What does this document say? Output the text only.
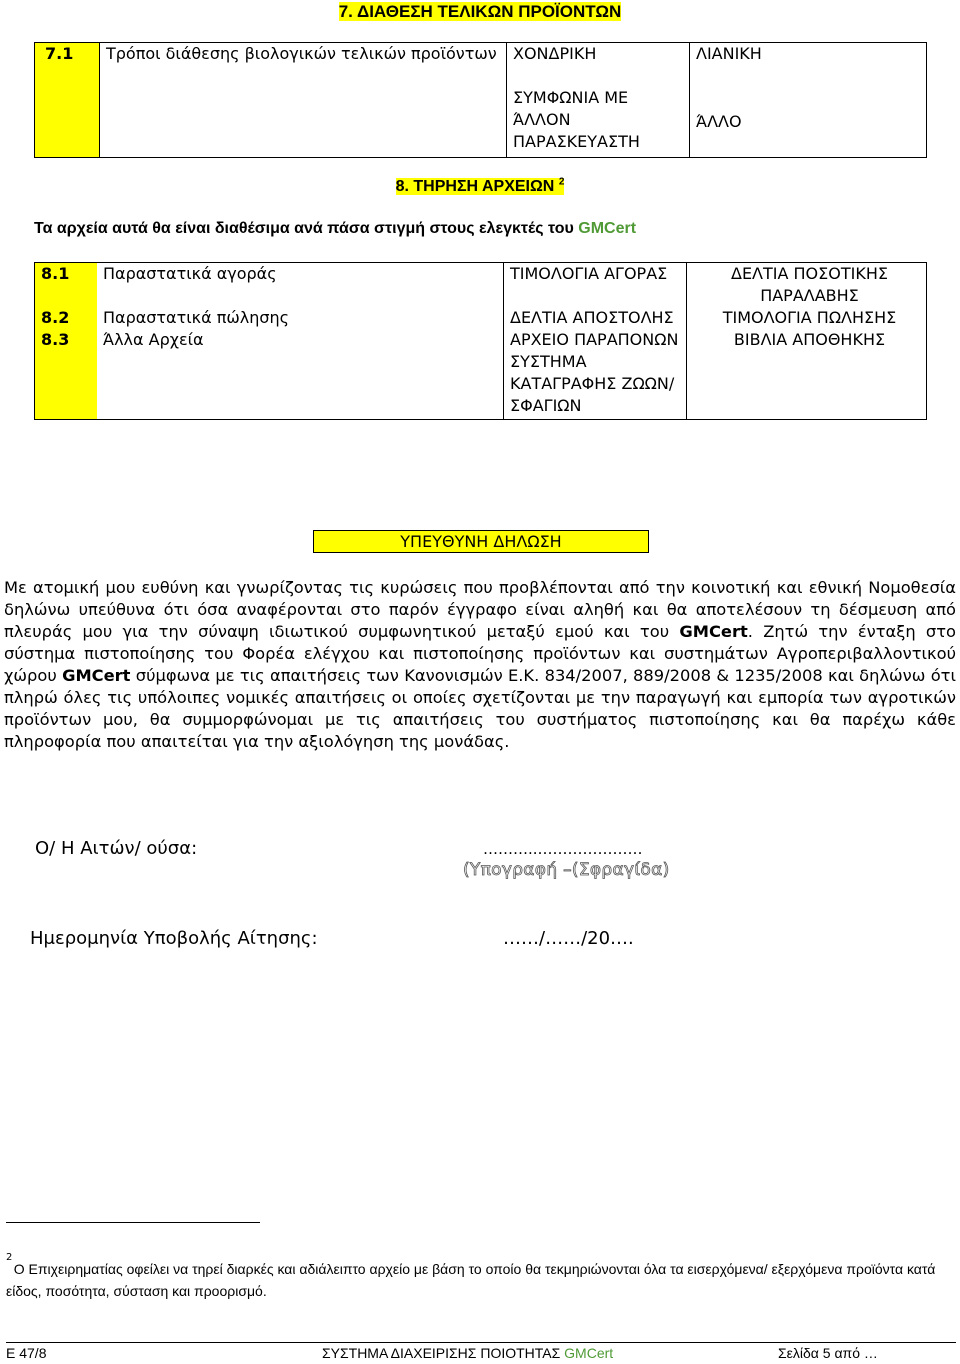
7. ΔΙΑΘΕΣΗ ΤΕΛΙΚΩΝ ΠΡΟΪΟΝΤΩΝ
7.1	Τρόποι διάθεσης βιολογικών τελικών προϊόντων	ΧΟΝΔΡΙΚΗ	ΛΙΑΝΙΚΗ
		ΣΥΜΦΩΝΙΑ ΜΕ ΆΛΛΟΝ ΠΑΡΑΣΚΕΥΑΣΤΗ	ΆΛΛΟ
8. ΤΗΡΗΣΗ ΑΡΧΕΙΩΝ $^2$
Τα αρχεία αυτά θα είναι διαθέσιμα ανά πάσα στιγμή στους ελεγκτές του GMCert
8.1	Παραστατικά αγοράς	ΤΙΜΟΛΟΓΙΑ ΑΓΟΡΑΣ	ΔΕΛΤΙΑ ΠΟΣΟΤΙΚΗΣ ΠΑΡΑΛΑΒΗΣ
8.2	Παραστατικά πώλησης	ΔΕΛΤΙΑ ΑΠΟΣΤΟΛΗΣ	ΤΙΜΟΛΟΓΙΑ ΠΩΛΗΣΗΣ
8.3	Άλλα Αρχεία	ΑΡΧΕΙΟ ΠΑΡΑΠΟΝΩΝ	ΒΙΒΛΙΑ ΑΠΟΘΗΚΗΣ
		ΣΥΣΤΗΜΑ ΚΑΤΑΓΡΑΦΗΣ ΖΩΩΝ/ΣΦΑΓΙΩΝ	
ΥΠΕΥΘΥΝΗ ΔΗΛΩΣΗ
Με ατομική μου ευθύνη και γνωρίζοντας τις κυρώσεις που προβλέπονται από την κοινοτική και εθνική Νομοθεσία δηλώνω υπεύθυνα ότι όσα αναφέρονται στο παρόν έγγραφο είναι αληθή και θα αποτελέσουν τη δέσμευση από πλευράς μου για την σύναψη ιδιωτικού συμφωνητικού μεταξύ εμού και του GMCert. Ζητώ την ένταξη στο σύστημα πιστοποίησης του Φορέα ελέγχου και πιστοποίησης προϊόντων και συστημάτων Αγροπεριβαλλοντικού χώρου GMCert σύμφωνα με τις απαιτήσεις των Κανονισμών Ε.Κ. 834/2007, 889/2008 & 1235/2008 και δηλώνω ότι πληρώ όλες τις υπόλοιπες νομικές απαιτήσεις οι οποίες σχετίζονται με την παραγωγή και εμπορία των αγροτικών προϊόντων μου, θα συμμορφώνομαι με τις απαιτήσεις του συστήματος πιστοποίησης και θα παρέχω κάθε πληροφορία που απαιτείται για την αξιολόγηση της μονάδας.
Ο/ Η Αιτών/ ούσα:	………..…………………
(Υπογραφή –(Σφραγίδα)
Ημερομηνία Υποβολής Αίτησης:	……/……/20….
2
Ο Επιχειρηματίας οφείλει να τηρεί διαρκές και αδιάλειπτο αρχείο με βάση το οποίο θα τεκμηριώνονται όλα τα εισερχόμενα/ εξερχόμενα προϊόντα κατά είδος, ποσότητα, σύσταση και προορισμό.
Ε 47/8	ΣΥΣΤΗΜΑ ΔΙΑΧΕΙΡΙΣΗΣ ΠΟΙΟΤΗΤΑΣ GMCert	Σελίδα 5 από …
